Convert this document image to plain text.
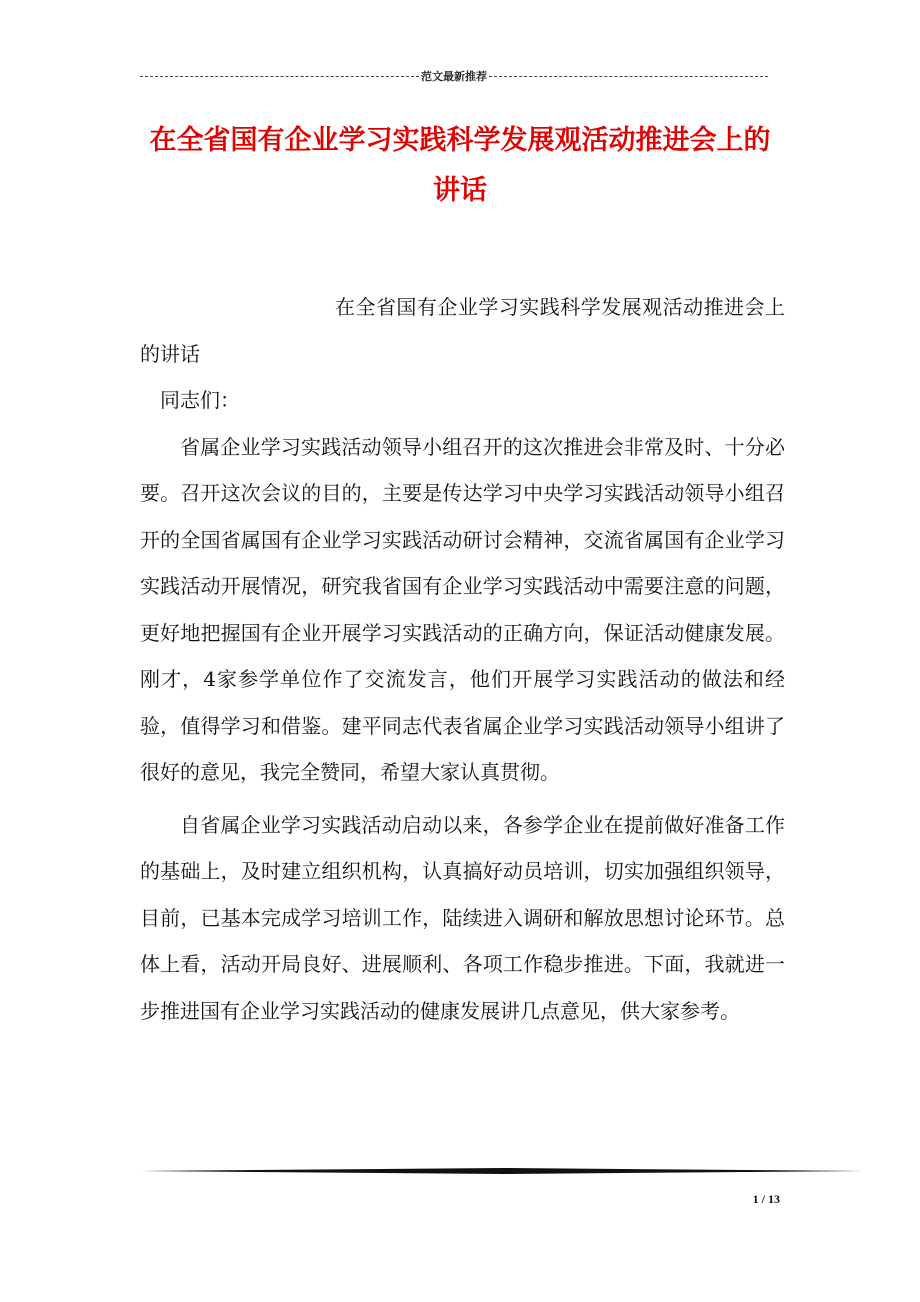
范文最新推荐
在全省国有企业学习实践科学发展观活动推进会上的讲话

在全省国有企业学习实践科学发展观活动推进会上的讲话

同志们：

省属企业学习实践活动领导小组召开的这次推进会非常及时、十分必要。召开这次会议的目的，主要是传达学习中央学习实践活动领导小组召开的全国省属国有企业学习实践活动研讨会精神，交流省属国有企业学习实践活动开展情况，研究我省国有企业学习实践活动中需要注意的问题，更好地把握国有企业开展学习实践活动的正确方向，保证活动健康发展。刚才，4家参学单位作了交流发言，他们开展学习实践活动的做法和经验，值得学习和借鉴。建平同志代表省属企业学习实践活动领导小组讲了很好的意见，我完全赞同，希望大家认真贯彻。

自省属企业学习实践活动启动以来，各参学企业在提前做好准备工作的基础上，及时建立组织机构，认真搞好动员培训，切实加强组织领导，目前，已基本完成学习培训工作，陆续进入调研和解放思想讨论环节。总体上看，活动开局良好、进展顺利、各项工作稳步推进。下面，我就进一步推进国有企业学习实践活动的健康发展讲几点意见，供大家参考。

1 / 13
